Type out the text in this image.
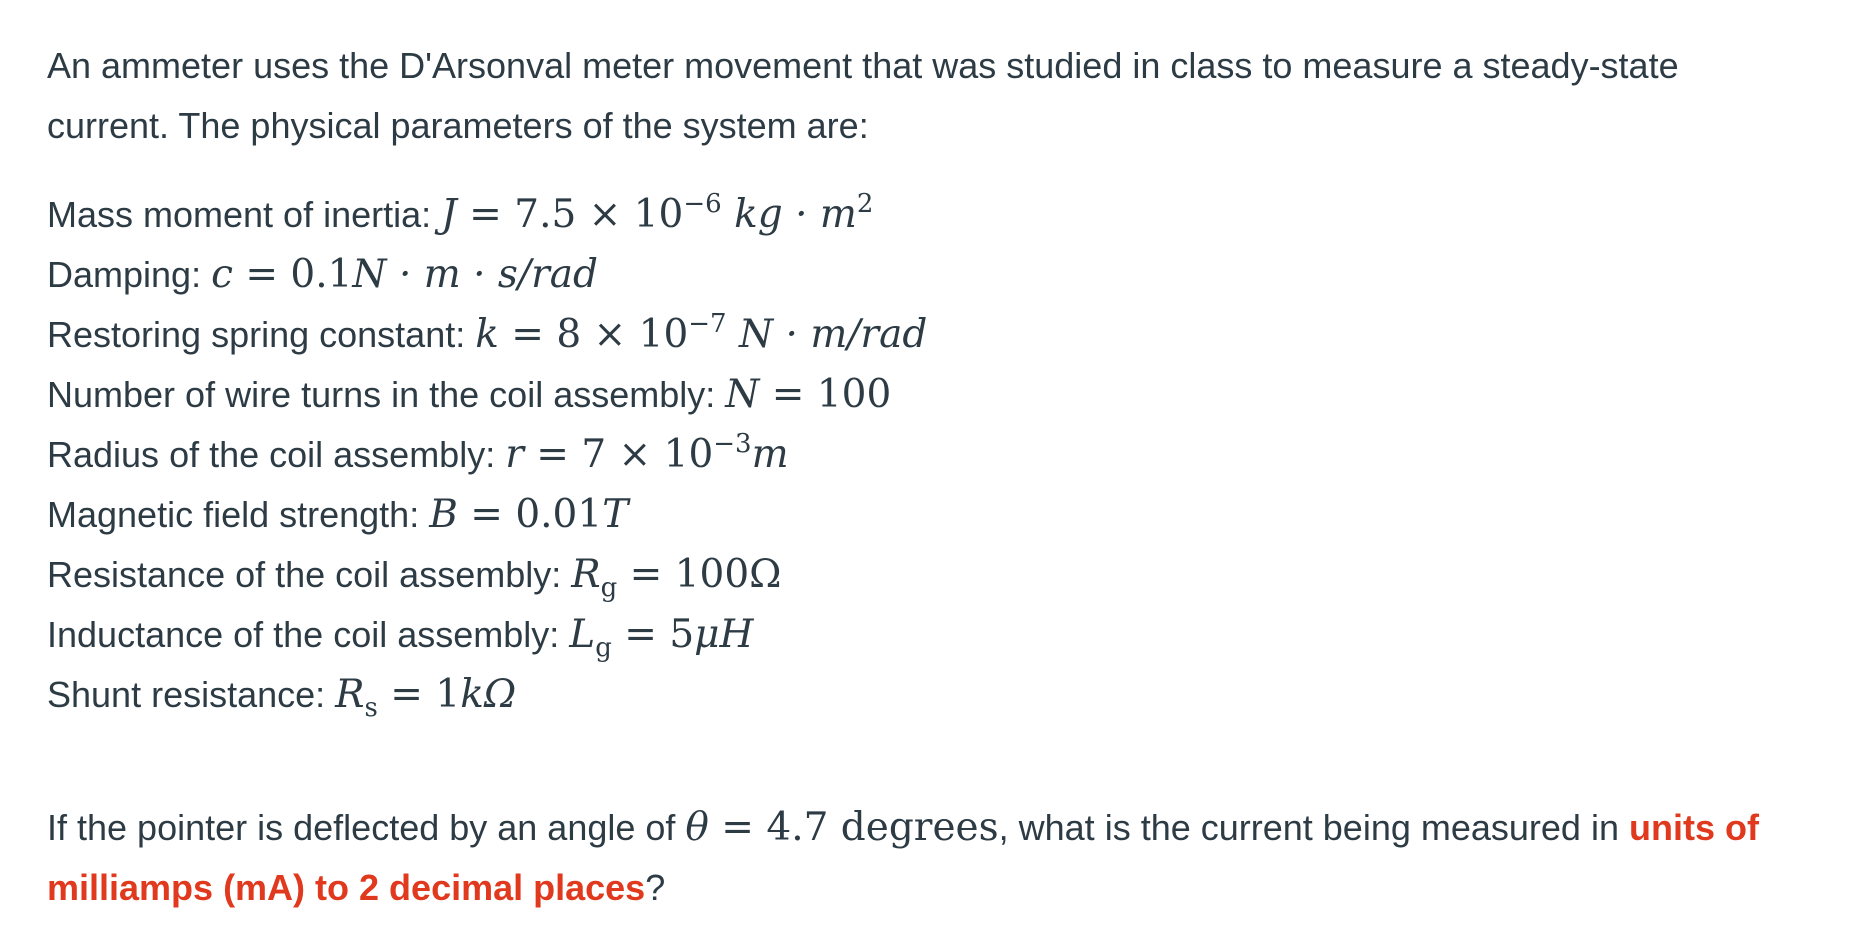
An ammeter uses the D'Arsonval meter movement that was studied in class to measure a steady-state current. The physical parameters of the system are:

Mass moment of inertia: $J = 7.5 \times 10^{-6}$ kg · $m^2$
Damping: c = 0.1N · m · s/rad
Restoring spring constant: $k = 8 \times 10^{-7}$ N · m/rad
Number of wire turns in the coil assembly: N = 100
Radius of the coil assembly: $r = 7 \times 10^{-3}m$
Magnetic field strength: B = 0.01T
Resistance of the coil assembly: $R_g = 100\Omega$
Inductance of the coil assembly: $L_g = 5\mu H$
Shunt resistance: $R_s = 1k\Omega$

If the pointer is deflected by an angle of θ = 4.7 degrees, what is the current being measured in units of milliamps (mA) to 2 decimal places?
